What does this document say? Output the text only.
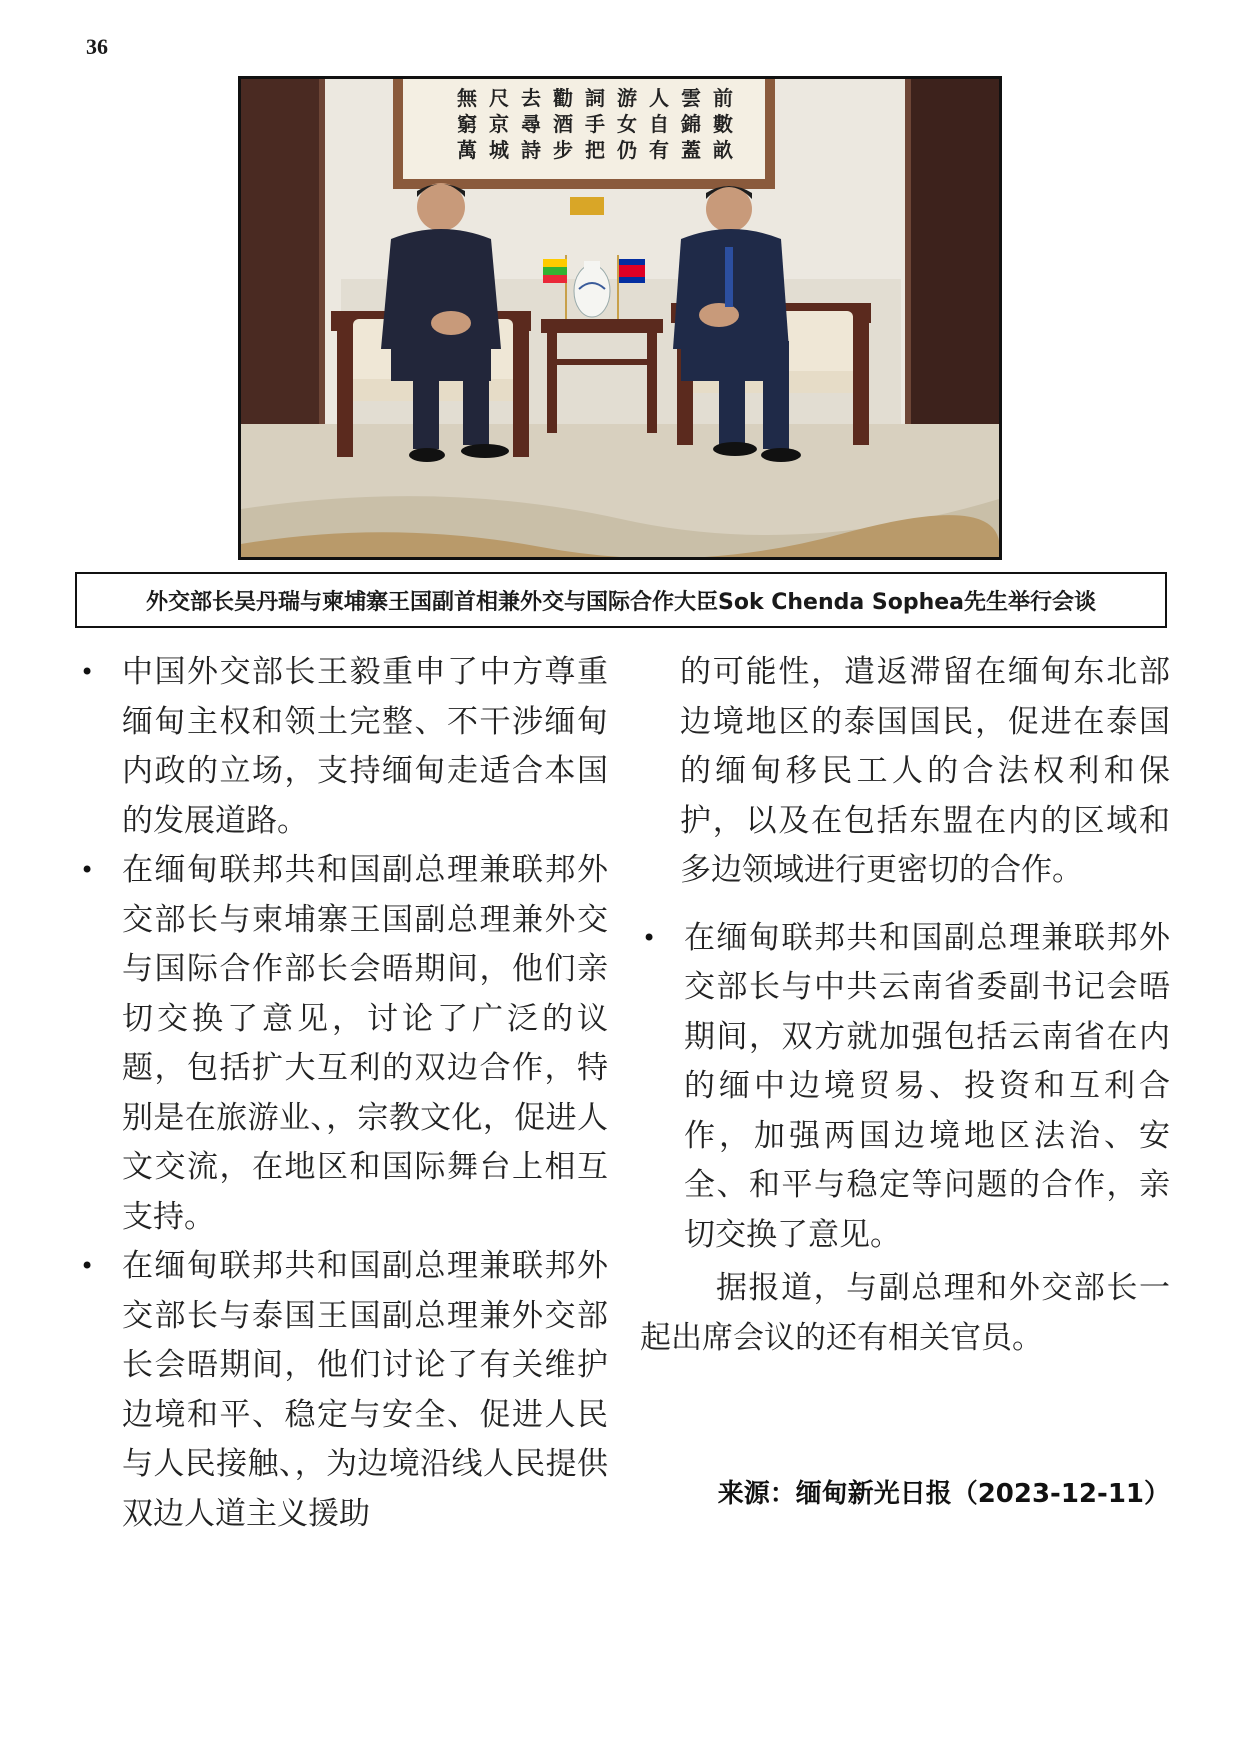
36
前
數
畝
雲
錦
蓋
人
自
有
游
女
仍
詞
手
把
勸
酒
步
去
尋
詩
尺
京
城
無
窮
萬
外交部长吴丹瑞与柬埔寨王国副首相兼外交与国际合作大臣Sok Chenda Sophea先生举行会谈
• 中国外交部长王毅重申了中方尊重缅甸主权和领土完整、不干涉缅甸内政的立场，支持缅甸走适合本国的发展道路。
• 在缅甸联邦共和国副总理兼联邦外交部长与柬埔寨王国副总理兼外交与国际合作部长会晤期间，他们亲切交换了意见，讨论了广泛的议题，包括扩大互利的双边合作，特别是在旅游业、，宗教文化，促进人文交流，在地区和国际舞台上相互支持。
• 在缅甸联邦共和国副总理兼联邦外交部长与泰国王国副总理兼外交部长会晤期间，他们讨论了有关维护边境和平、稳定与安全、促进人民与人民接触、，为边境沿线人民提供双边人道主义援助
的可能性，遣返滞留在缅甸东北部边境地区的泰国国民，促进在泰国的缅甸移民工人的合法权利和保护，以及在包括东盟在内的区域和多边领域进行更密切的合作。
• 在缅甸联邦共和国副总理兼联邦外交部长与中共云南省委副书记会晤期间，双方就加强包括云南省在内的缅中边境贸易、投资和互利合作，加强两国边境地区法治、安全、和平与稳定等问题的合作，亲切交换了意见。
据报道，与副总理和外交部长一起出席会议的还有相关官员。
来源：缅甸新光日报（2023-12-11）
